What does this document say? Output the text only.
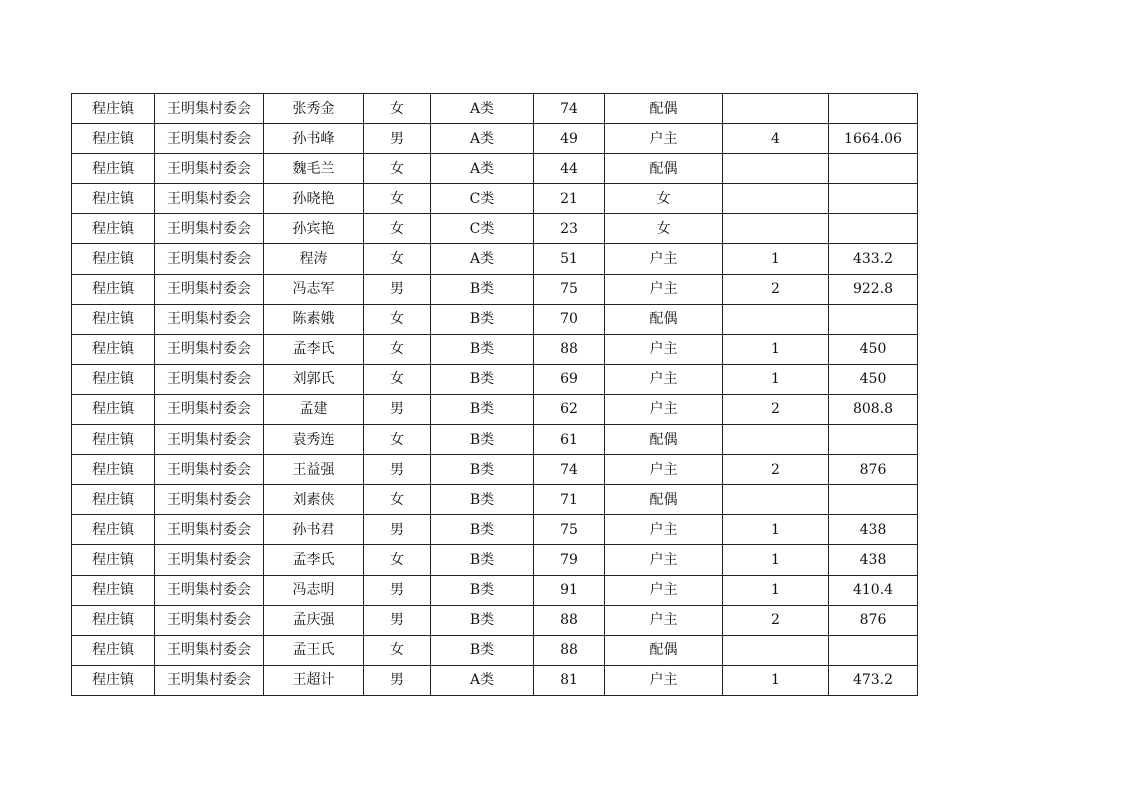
程庄镇	王明集村委会	张秀金	女	A类	74	配偶		
程庄镇	王明集村委会	孙书峰	男	A类	49	户主	4	1664.06
程庄镇	王明集村委会	魏毛兰	女	A类	44	配偶		
程庄镇	王明集村委会	孙晓艳	女	C类	21	女		
程庄镇	王明集村委会	孙宾艳	女	C类	23	女		
程庄镇	王明集村委会	程涛	女	A类	51	户主	1	433.2
程庄镇	王明集村委会	冯志军	男	B类	75	户主	2	922.8
程庄镇	王明集村委会	陈素娥	女	B类	70	配偶		
程庄镇	王明集村委会	孟李氏	女	B类	88	户主	1	450
程庄镇	王明集村委会	刘郭氏	女	B类	69	户主	1	450
程庄镇	王明集村委会	孟建	男	B类	62	户主	2	808.8
程庄镇	王明集村委会	袁秀连	女	B类	61	配偶		
程庄镇	王明集村委会	王益强	男	B类	74	户主	2	876
程庄镇	王明集村委会	刘素侠	女	B类	71	配偶		
程庄镇	王明集村委会	孙书君	男	B类	75	户主	1	438
程庄镇	王明集村委会	孟李氏	女	B类	79	户主	1	438
程庄镇	王明集村委会	冯志明	男	B类	91	户主	1	410.4
程庄镇	王明集村委会	孟庆强	男	B类	88	户主	2	876
程庄镇	王明集村委会	孟王氏	女	B类	88	配偶		
程庄镇	王明集村委会	王超计	男	A类	81	户主	1	473.2
